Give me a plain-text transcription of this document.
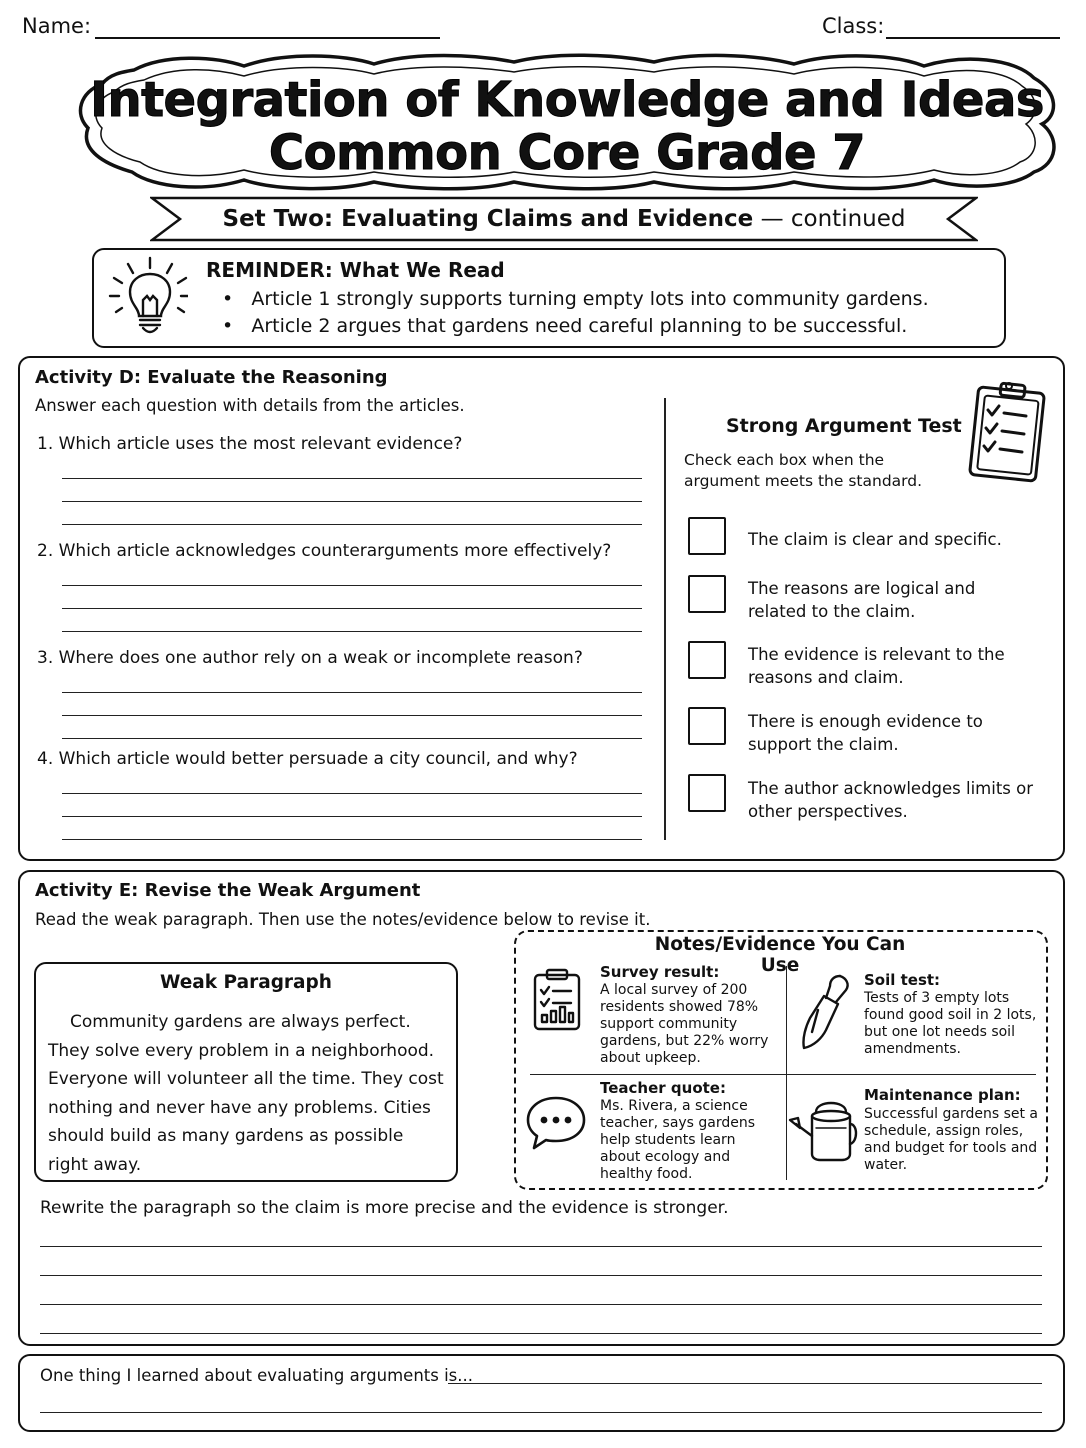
Name:	Class:
Integration of Knowledge and Ideas
Common Core Grade 7
Set Two: Evaluating Claims and Evidence — continued
REMINDER: What We Read
•   Article 1 strongly supports turning empty lots into community gardens.
•   Article 2 argues that gardens need careful planning to be successful.
Activity D: Evaluate the Reasoning
Answer each question with details from the articles.
1. Which article uses the most relevant evidence?
2. Which article acknowledges counterarguments more effectively?
3. Where does one author rely on a weak or incomplete reason?
4. Which article would better persuade a city council, and why?
Strong Argument Test
Check each box when the argument meets the standard.
The claim is clear and specific.
The reasons are logical and related to the claim.
The evidence is relevant to the reasons and claim.
There is enough evidence to support the claim.
The author acknowledges limits or other perspectives.
Activity E: Revise the Weak Argument
Read the weak paragraph. Then use the notes/evidence below to revise it.
Weak Paragraph
Community gardens are always perfect. They solve every problem in a neighborhood. Everyone will volunteer all the time. They cost nothing and never have any problems. Cities should build as many gardens as possible right away.
Notes/Evidence You Can Use
Survey result:
A local survey of 200 residents showed 78% support community gardens, but 22% worry about upkeep.
Soil test:
Tests of 3 empty lots found good soil in 2 lots, but one lot needs soil amendments.
Teacher quote:
Ms. Rivera, a science teacher, says gardens help students learn about ecology and healthy food.
Maintenance plan:
Successful gardens set a schedule, assign roles, and budget for tools and water.
Rewrite the paragraph so the claim is more precise and the evidence is stronger.
One thing I learned about evaluating arguments is...
